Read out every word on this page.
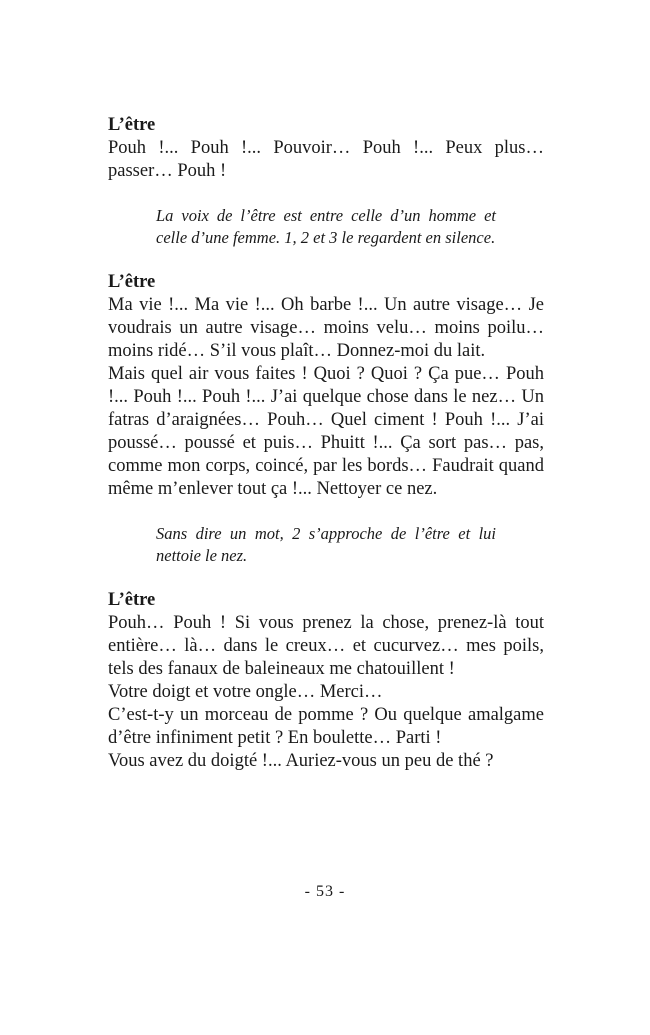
L’être

Pouh !... Pouh !... Pouvoir… Pouh !... Peux plus… passer… Pouh !

La voix de l’être est entre celle d’un homme et celle d’une femme. 1, 2 et 3 le regardent en silence.

L’être

Ma vie !... Ma vie !... Oh barbe !... Un autre visage… Je voudrais un autre visage… moins velu… moins poilu… moins ridé… S’il vous plaît… Donnez-moi du lait.

Mais quel air vous faites ! Quoi ? Quoi ? Ça pue… Pouh !... Pouh !... Pouh !... J’ai quelque chose dans le nez… Un fatras d’araignées… Pouh… Quel ciment ! Pouh !... J’ai poussé… poussé et puis… Phuitt !... Ça sort pas… pas, comme mon corps, coincé, par les bords… Faudrait quand même m’enlever tout ça !... Nettoyer ce nez.

Sans dire un mot, 2 s’approche de l’être et lui nettoie le nez.

L’être

Pouh… Pouh ! Si vous prenez la chose, prenez-là tout entière… là… dans le creux… et cucurvez… mes poils, tels des fanaux de baleineaux me chatouillent !

Votre doigt et votre ongle… Merci…

C’est-t-y un morceau de pomme ? Ou quelque amalgame d’être infiniment petit ? En boulette… Parti !

Vous avez du doigté !... Auriez-vous un peu de thé ?

- 53 -
